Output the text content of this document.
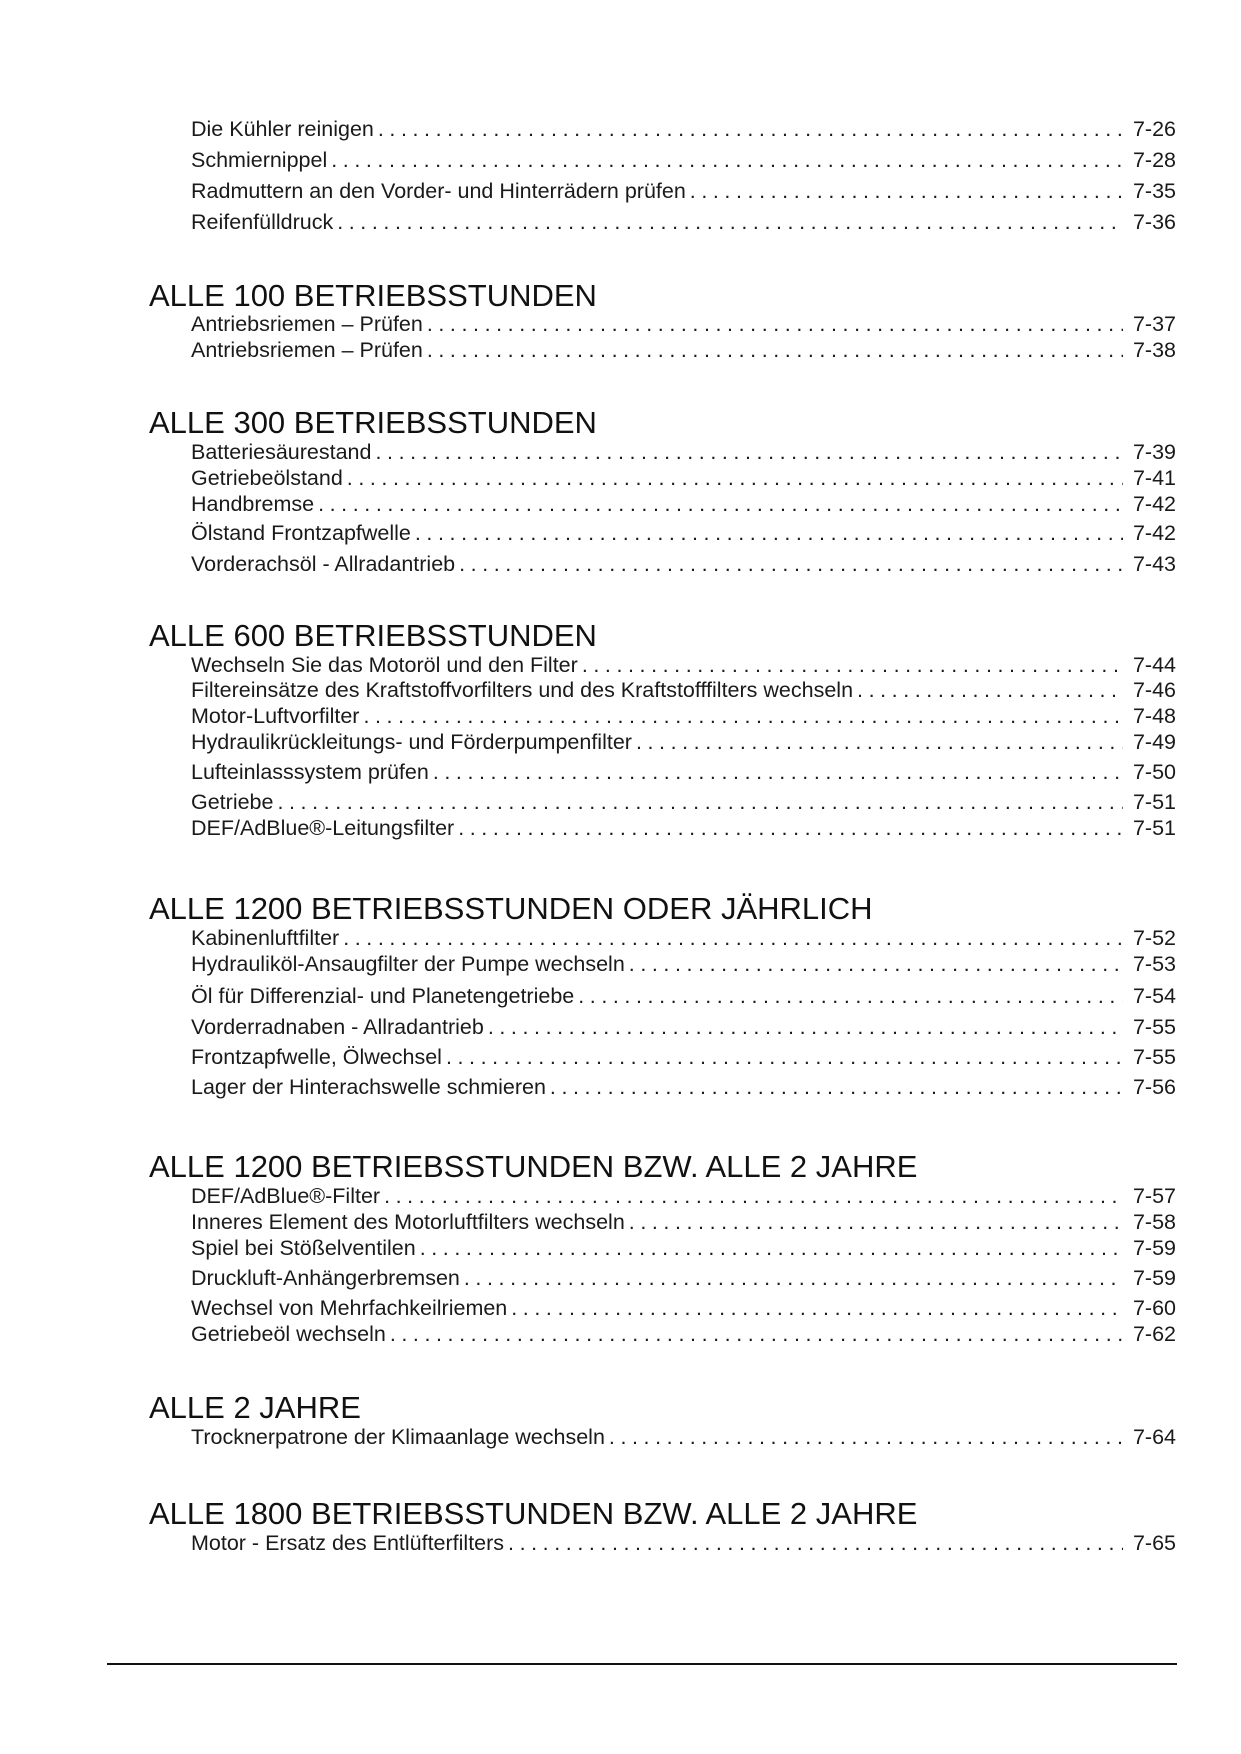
Die Kühler reinigen . . .	7-26
Schmiernippel . . .	7-28
Radmuttern an den Vorder- und Hinterrädern prüfen . . .	7-35
Reifenfülldruck . . .	7-36
ALLE 100 BETRIEBSSTUNDEN
Antriebsriemen – Prüfen . . .	7-37
Antriebsriemen – Prüfen . . .	7-38
ALLE 300 BETRIEBSSTUNDEN
Batteriesäurestand . . .	7-39
Getriebeölstand . . .	7-41
Handbremse . . .	7-42
Ölstand Frontzapfwelle . . .	7-42
Vorderachsöl - Allradantrieb . . .	7-43
ALLE 600 BETRIEBSSTUNDEN
Wechseln Sie das Motoröl und den Filter . . .	7-44
Filtereinsätze des Kraftstoffvorfilters und des Kraftstofffilters wechseln . . .	7-46
Motor-Luftvorfilter . . .	7-48
Hydraulikrückleitungs- und Förderpumpenfilter . . .	7-49
Lufteinlasssystem prüfen . . .	7-50
Getriebe . . .	7-51
DEF/AdBlue®-Leitungsfilter . . .	7-51
ALLE 1200 BETRIEBSSTUNDEN ODER JÄHRLICH
Kabinenluftfilter . . .	7-52
Hydrauliköl-Ansaugfilter der Pumpe wechseln . . .	7-53
Öl für Differenzial- und Planetengetriebe . . .	7-54
Vorderradnaben - Allradantrieb . . .	7-55
Frontzapfwelle, Ölwechsel . . .	7-55
Lager der Hinterachswelle schmieren . . .	7-56
ALLE 1200 BETRIEBSSTUNDEN BZW. ALLE 2 JAHRE
DEF/AdBlue®-Filter . . .	7-57
Inneres Element des Motorluftfilters wechseln . . .	7-58
Spiel bei Stößelventilen . . .	7-59
Druckluft-Anhängerbremsen . . .	7-59
Wechsel von Mehrfachkeilriemen . . .	7-60
Getriebeöl wechseln . . .	7-62
ALLE 2 JAHRE
Trocknerpatrone der Klimaanlage wechseln . . .	7-64
ALLE 1800 BETRIEBSSTUNDEN BZW. ALLE 2 JAHRE
Motor - Ersatz des Entlüfterfilters . . .	7-65
